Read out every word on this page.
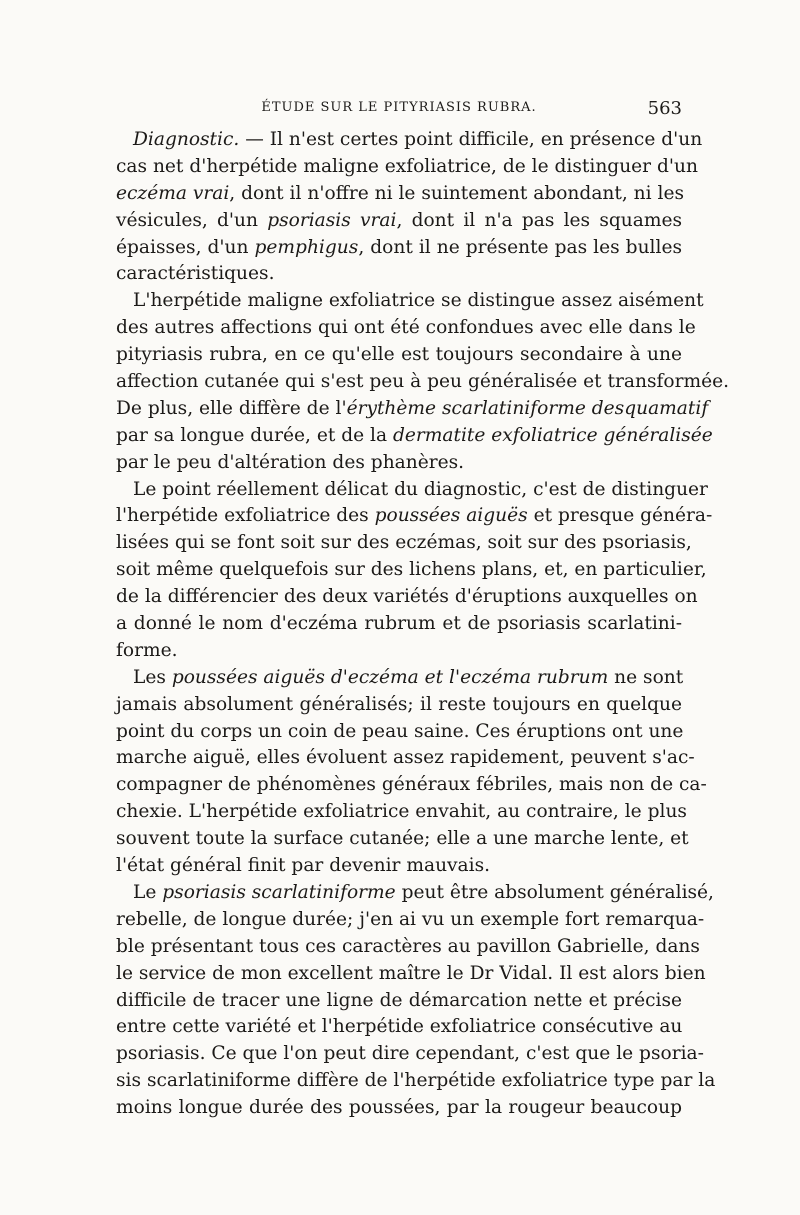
ÉTUDE SUR LE PITYRIASIS RUBRA.	563
Diagnostic. — Il n'est certes point difficile, en présence d'un
cas net d'herpétide maligne exfoliatrice, de le distinguer d'un
eczéma vrai, dont il n'offre ni le suintement abondant, ni les
vésicules, d'un psoriasis vrai, dont il n'a pas les squames
épaisses, d'un pemphigus, dont il ne présente pas les bulles
caractéristiques.
L'herpétide maligne exfoliatrice se distingue assez aisément
des autres affections qui ont été confondues avec elle dans le
pityriasis rubra, en ce qu'elle est toujours secondaire à une
affection cutanée qui s'est peu à peu généralisée et transformée.
De plus, elle diffère de l'érythème scarlatiniforme desquamatif
par sa longue durée, et de la dermatite exfoliatrice généralisée
par le peu d'altération des phanères.
Le point réellement délicat du diagnostic, c'est de distinguer
l'herpétide exfoliatrice des poussées aiguës et presque généra-
lisées qui se font soit sur des eczémas, soit sur des psoriasis,
soit même quelquefois sur des lichens plans, et, en particulier,
de la différencier des deux variétés d'éruptions auxquelles on
a donné le nom d'eczéma rubrum et de psoriasis scarlatini-
forme.
Les poussées aiguës d'eczéma et l'eczéma rubrum ne sont
jamais absolument généralisés; il reste toujours en quelque
point du corps un coin de peau saine. Ces éruptions ont une
marche aiguë, elles évoluent assez rapidement, peuvent s'ac-
compagner de phénomènes généraux fébriles, mais non de ca-
chexie. L'herpétide exfoliatrice envahit, au contraire, le plus
souvent toute la surface cutanée; elle a une marche lente, et
l'état général finit par devenir mauvais.
Le psoriasis scarlatiniforme peut être absolument généralisé,
rebelle, de longue durée; j'en ai vu un exemple fort remarqua-
ble présentant tous ces caractères au pavillon Gabrielle, dans
le service de mon excellent maître le Dr Vidal. Il est alors bien
difficile de tracer une ligne de démarcation nette et précise
entre cette variété et l'herpétide exfoliatrice consécutive au
psoriasis. Ce que l'on peut dire cependant, c'est que le psoria-
sis scarlatiniforme diffère de l'herpétide exfoliatrice type par la
moins longue durée des poussées, par la rougeur beaucoup
